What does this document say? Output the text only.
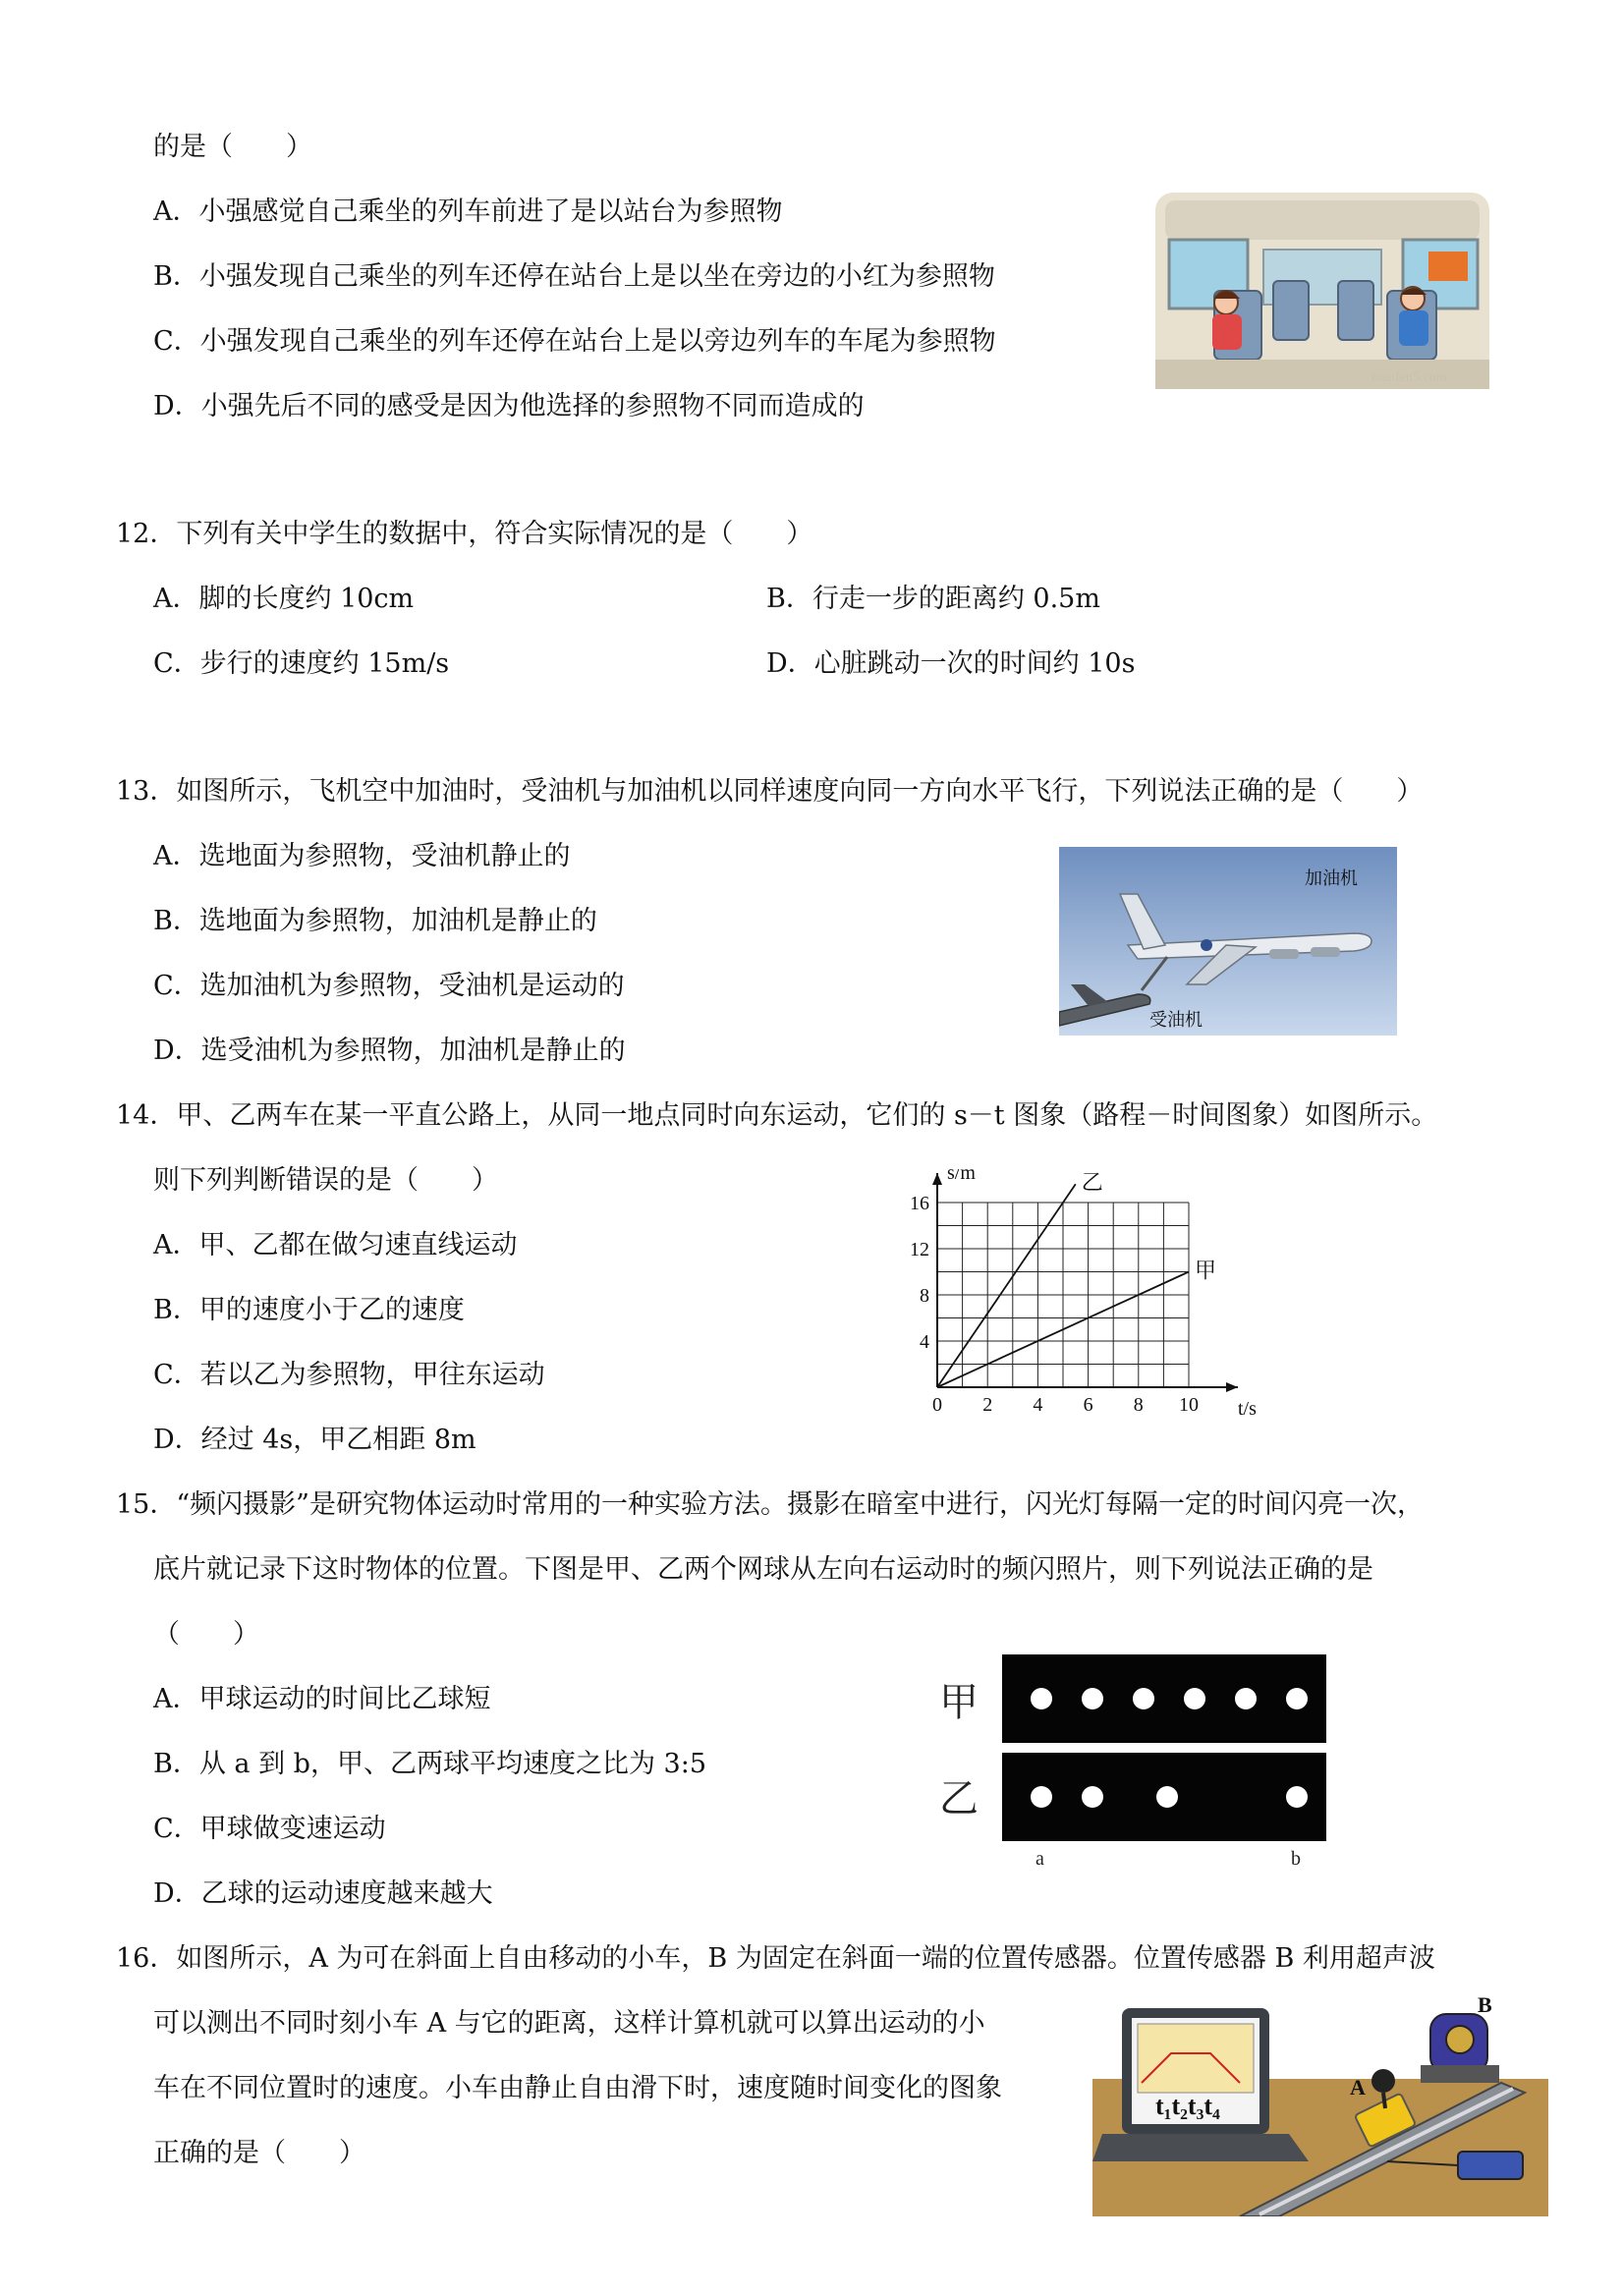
的是（　　）
A．小强感觉自己乘坐的列车前进了是以站台为参照物
B．小强发现自己乘坐的列车还停在站台上是以坐在旁边的小红为参照物
C．小强发现自己乘坐的列车还停在站台上是以旁边列车的车尾为参照物
D．小强先后不同的感受是因为他选择的参照物不同而造成的
manfen5.com
12．下列有关中学生的数据中，符合实际情况的是（　　）
A．脚的长度约 10cm	B．行走一步的距离约 0.5m
C．步行的速度约 15m/s	D．心脏跳动一次的时间约 10s
13．如图所示，飞机空中加油时，受油机与加油机以同样速度向同一方向水平飞行，下列说法正确的是（　　）
A．选地面为参照物，受油机静止的
B．选地面为参照物，加油机是静止的
C．选加油机为参照物，受油机是运动的
D．选受油机为参照物，加油机是静止的
加油机
受油机
14．甲、乙两车在某一平直公路上，从同一地点同时向东运动，它们的 s－t 图象（路程－时间图象）如图所示。
则下列判断错误的是（　　）
A．甲、乙都在做匀速直线运动
B．甲的速度小于乙的速度
C．若以乙为参照物，甲往东运动
D．经过 4s，甲乙相距 8m
0 2 4 6 8 10
4
8
12
16
t/s
s/m	乙
甲
15．“频闪摄影”是研究物体运动时常用的一种实验方法。摄影在暗室中进行，闪光灯每隔一定的时间闪亮一次，
底片就记录下这时物体的位置。下图是甲、乙两个网球从左向右运动时的频闪照片，则下列说法正确的是
（　　）
A．甲球运动的时间比乙球短
B．从 a 到 b，甲、乙两球平均速度之比为 3:5
C．甲球做变速运动
D．乙球的运动速度越来越大
甲
乙
a	b
16．如图所示，A 为可在斜面上自由移动的小车，B 为固定在斜面一端的位置传感器。位置传感器 B 利用超声波
可以测出不同时刻小车 A 与它的距离，这样计算机就可以算出运动的小
车在不同位置时的速度。小车由静止自由滑下时，速度随时间变化的图象
正确的是（　　）
t₁t₂t₃t₄
A
B
